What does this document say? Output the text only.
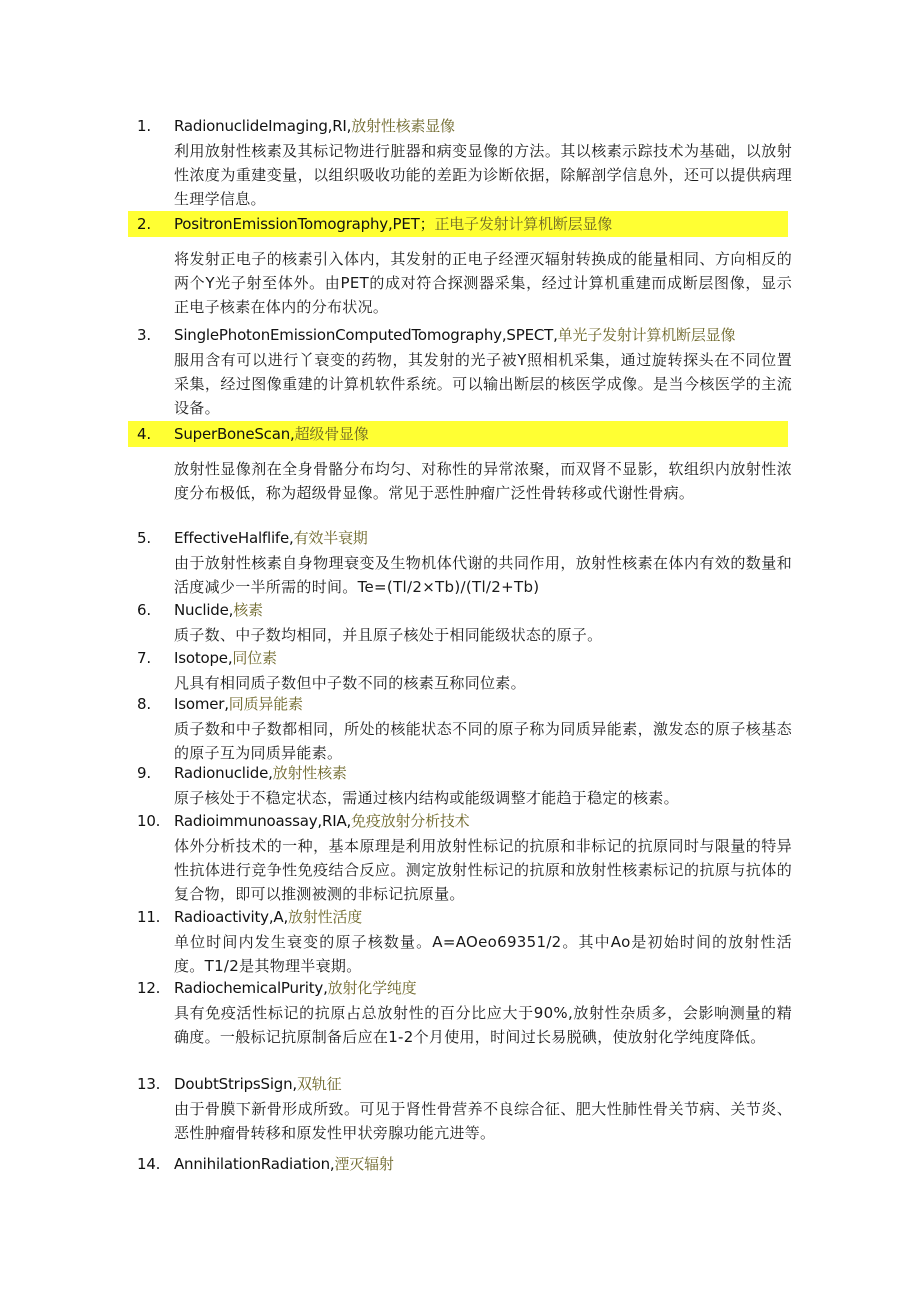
1. RadionuclideImaging,RI,放射性核素显像
利用放射性核素及其标记物进行脏器和病变显像的方法。其以核素示踪技术为基础，以放射性浓度为重建变量，以组织吸收功能的差距为诊断依据，除解剖学信息外，还可以提供病理生理学信息。
2. PositronEmissionTomography,PET；正电子发射计算机断层显像
将发射正电子的核素引入体内，其发射的正电子经湮灭辐射转换成的能量相同、方向相反的两个Y光子射至体外。由PET的成对符合探测器采集，经过计算机重建而成断层图像，显示正电子核素在体内的分布状况。
3. SinglePhotonEmissionComputedTomography,SPECT,单光子发射计算机断层显像
服用含有可以进行丫衰变的药物，其发射的光子被Y照相机采集，通过旋转探头在不同位置采集，经过图像重建的计算机软件系统。可以输出断层的核医学成像。是当今核医学的主流设备。
4. SuperBoneScan,超级骨显像
放射性显像剂在全身骨骼分布均匀、对称性的异常浓聚，而双肾不显影，软组织内放射性浓度分布极低，称为超级骨显像。常见于恶性肿瘤广泛性骨转移或代谢性骨病。
5. EffectiveHalflife,有效半衰期
由于放射性核素自身物理衰变及生物机体代谢的共同作用，放射性核素在体内有效的数量和活度减少一半所需的时间。Te=(Tl∕2×Tb)∕(Tl∕2+Tb)
6. Nuclide,核素
质子数、中子数均相同，并且原子核处于相同能级状态的原子。
7. Isotope,同位素
凡具有相同质子数但中子数不同的核素互称同位素。
8. Isomer,同质异能素
质子数和中子数都相同，所处的核能状态不同的原子称为同质异能素，激发态的原子核基态的原子互为同质异能素。
9. Radionuclide,放射性核素
原子核处于不稳定状态，需通过核内结构或能级调整才能趋于稳定的核素。
10. Radioimmunoassay,RIA,免疫放射分析技术
体外分析技术的一种，基本原理是利用放射性标记的抗原和非标记的抗原同时与限量的特异性抗体进行竞争性免疫结合反应。测定放射性标记的抗原和放射性核素标记的抗原与抗体的复合物，即可以推测被测的非标记抗原量。
11. Radioactivity,A,放射性活度
单位时间内发生衰变的原子核数量。A=AOeo69351/2。其中Ao是初始时间的放射性活度。T1/2是其物理半衰期。
12. RadiochemicalPurity,放射化学纯度
具有免疫活性标记的抗原占总放射性的百分比应大于90%,放射性杂质多，会影响测量的精确度。一般标记抗原制备后应在1-2个月使用，时间过长易脱碘，使放射化学纯度降低。
13. DoubtStripsSign,双轨征
由于骨膜下新骨形成所致。可见于肾性骨营养不良综合征、肥大性肺性骨关节病、关节炎、恶性肿瘤骨转移和原发性甲状旁腺功能亢进等。
14. AnnihilationRadiation,湮灭辐射
